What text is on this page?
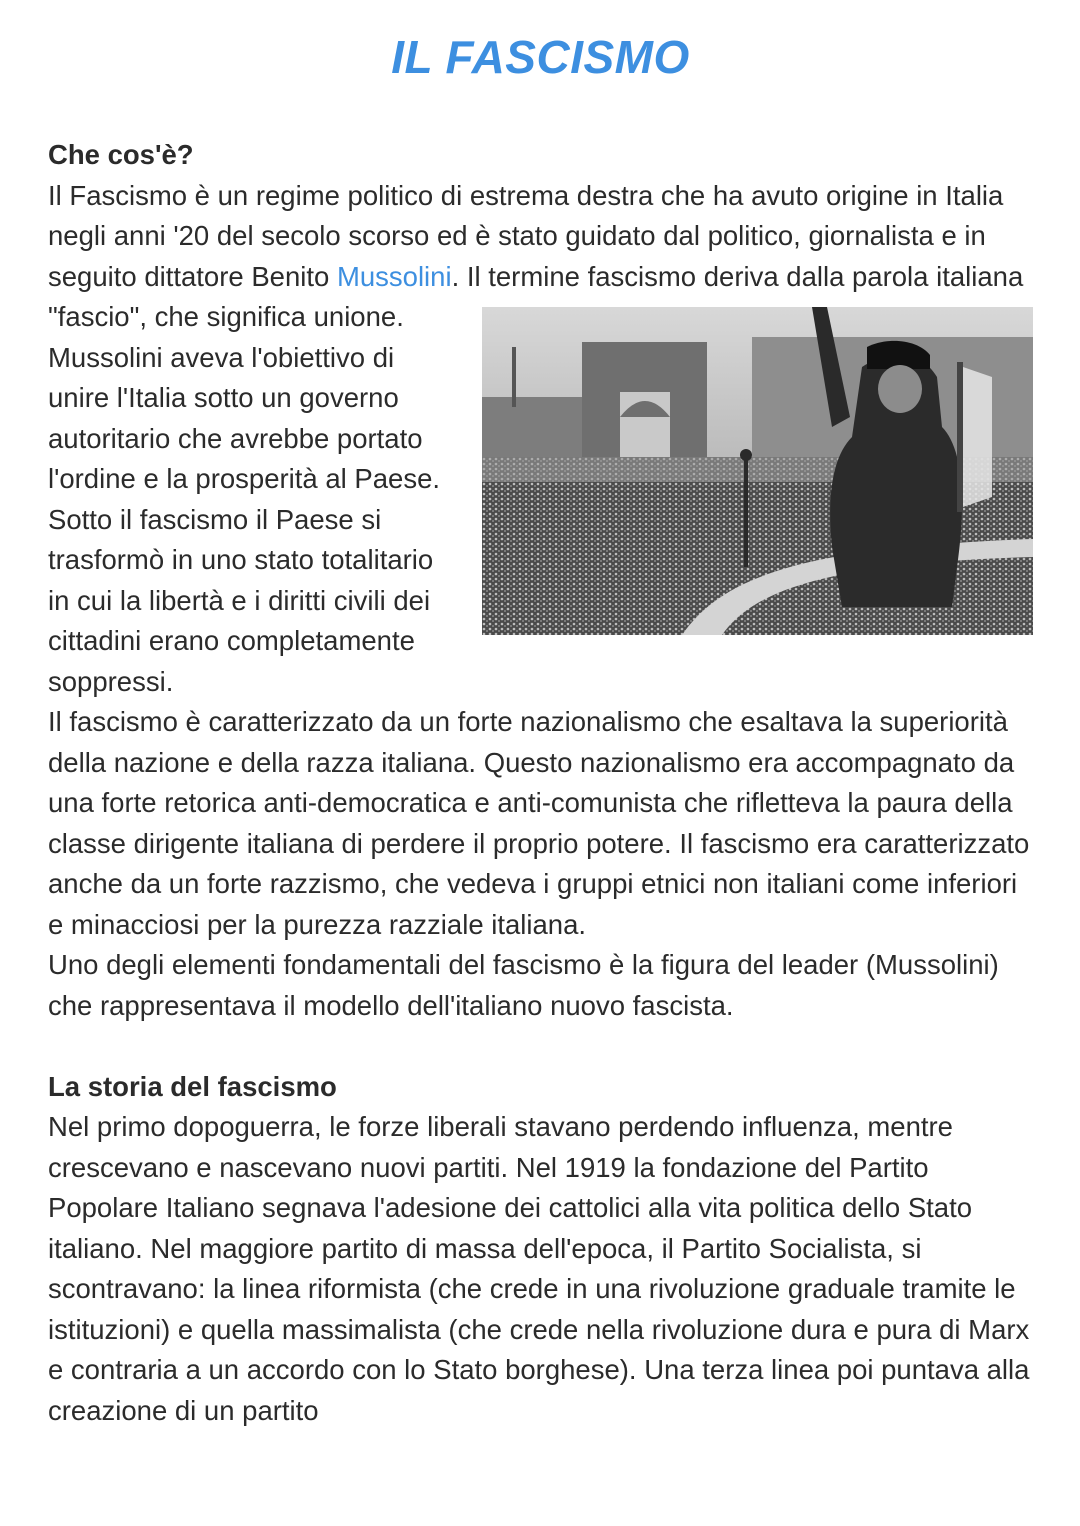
IL FASCISMO

Che cos'è?

Il Fascismo è un regime politico di estrema destra che ha avuto origine in Italia negli anni '20 del secolo scorso ed è stato guidato dal politico, giornalista e in seguito dittatore Benito Mussolini. Il termine fascismo
deriva dalla parola italiana "fascio", che significa unione. Mussolini aveva l'obiettivo di unire l'Italia sotto un governo autoritario che avrebbe portato l'ordine e la prosperità al Paese. Sotto il fascismo il Paese si trasformò in uno stato totalitario in cui la libertà e i diritti civili dei cittadini erano completamente soppressi.

Il fascismo è caratterizzato da un forte nazionalismo che esaltava la superiorità della nazione e della razza italiana. Questo nazionalismo era accompagnato da una forte retorica anti-democratica e anti-comunista che rifletteva la paura della classe dirigente italiana di perdere il proprio potere. Il fascismo era caratterizzato anche da un forte razzismo, che vedeva i gruppi etnici non italiani come inferiori e minacciosi per la purezza razziale italiana.

Uno degli elementi fondamentali del fascismo è la figura del leader (Mussolini) che rappresentava il modello dell'italiano nuovo fascista.

La storia del fascismo

Nel primo dopoguerra, le forze liberali stavano perdendo influenza, mentre crescevano e nascevano nuovi partiti. Nel 1919 la fondazione del Partito Popolare Italiano segnava l'adesione dei cattolici alla vita politica dello Stato italiano. Nel maggiore partito di massa dell'epoca, il Partito Socialista, si scontravano: la linea riformista (che crede in una rivoluzione graduale tramite le istituzioni) e quella massimalista (che crede nella rivoluzione dura e pura di Marx e contraria a un accordo con lo Stato borghese). Una terza linea poi puntava alla creazione di un partito
